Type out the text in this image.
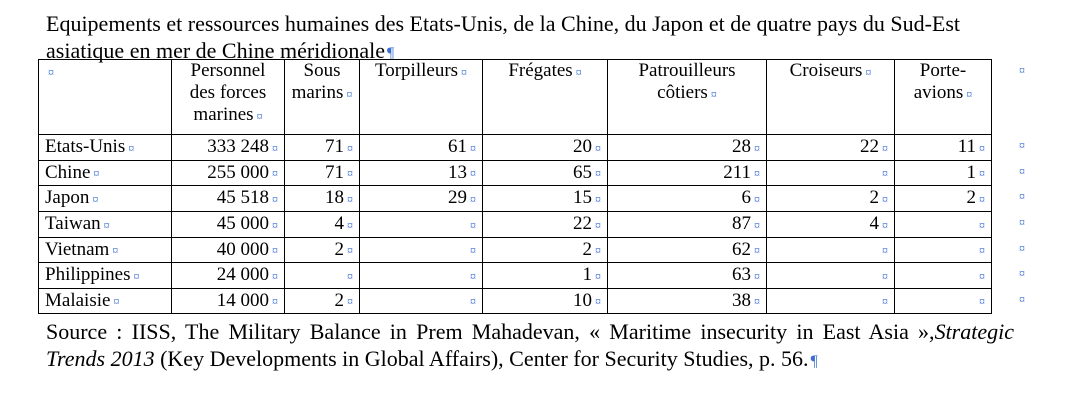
Equipements et ressources humaines des Etats-Unis, de la Chine, du Japon et de quatre pays du Sud-Est asiatique en mer de Chine méridionale ¶
¤	Personnel des forces marines ¤	Sous marins ¤	Torpilleurs ¤	Frégates ¤	Patrouilleurs côtiers ¤	Croiseurs ¤	Porte-avions ¤
Etats-Unis ¤	333 248 ¤	71 ¤	61 ¤	20 ¤	28 ¤	22 ¤	11 ¤
Chine ¤	255 000 ¤	71 ¤	13 ¤	65 ¤	211 ¤	¤	1 ¤
Japon ¤	45 518 ¤	18 ¤	29 ¤	15 ¤	6 ¤	2 ¤	2 ¤
Taiwan ¤	45 000 ¤	4 ¤	¤	22 ¤	87 ¤	4 ¤	¤
Vietnam ¤	40 000 ¤	2 ¤	¤	2 ¤	62 ¤	¤	¤
Philippines ¤	24 000 ¤	¤	¤	1 ¤	63 ¤	¤	¤
Malaisie ¤	14 000 ¤	2 ¤	¤	10 ¤	38 ¤	¤	¤
¤
¤
¤
¤
¤
¤
¤
¤
Source : IISS, The Military Balance in Prem Mahadevan, « Maritime insecurity in East Asia »,Strategic Trends 2013 (Key Developments in Global Affairs), Center for Security Studies, p. 56. ¶
